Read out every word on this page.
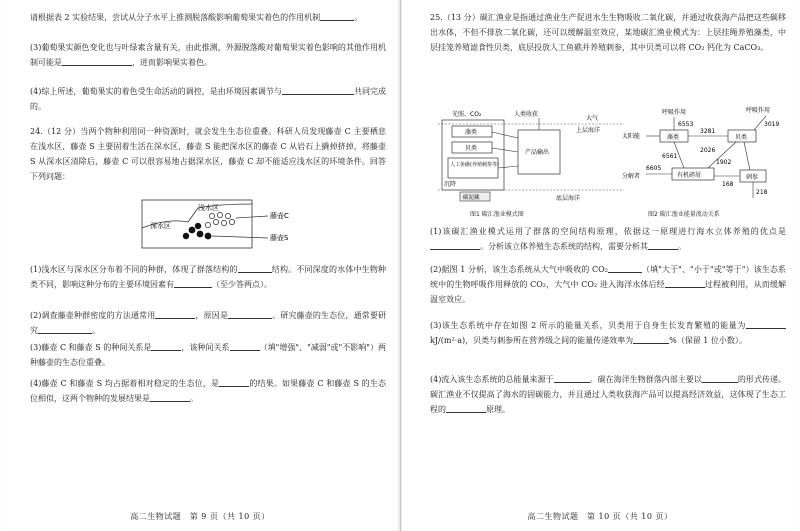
请根据表 2 实验结果，尝试从分子水平上推测脱落酸影响葡萄果实着色的作用机制	。
(3)葡萄果实颜色变化也与叶绿素含量有关，由此推测，外源脱落酸对葡萄果实着色影响的其他作用机制可能是	，进而影响果实着色。
(4)综上所述，葡萄果实的着色受生命活动的调控，是由环境因素调节与	共同完成的。
24.（12 分）当两个物种利用同一种资源时，就会发生生态位重叠。科研人员发现藤壶 C 主要栖息在浅水区，藤壶 S 主要固着生活在深水区，藤壶 S 能把深水区的藤壶 C 从岩石上撬掉挤掉，将藤壶 S 从深水区清除后，藤壶 C 可以很容易地占据深水区，藤壶 C 却不能适应浅水区的环境条件。回答下列问题：
浅水区
深水区
藤壶C
藤壶S
(1)浅水区与深水区分布着不同的种群，体现了群落结构的	结构。不同深度的水体中生物种类不同，影响这种分布的主要环境因素有	（至少答两点）。
(2)调查藤壶种群密度的方法通常用	，原因是	。研究藤壶的生态位，通常要研究	。
(3)藤壶 C 和藤壶 S 的种间关系是	，该种间关系	（填"增强"、"减弱"或"不影响"）两种藤壶的生态位重叠。
(4)藤壶 C 和藤壶 S 均占据着相对稳定的生态位，是	的结果。如果藤壶 C 和藤壶 S 的生态位相似，这两个物种的发展结果是	。
高二生物试题　第 9 页（共 10 页）
25.（13 分）碳汇渔业是指通过渔业生产促进水生生物吸收二氧化碳，并通过收获海产品把这些碳移出水体，不但不排放二氧化碳，还可以缓解温室效应，某地碳汇渔业模式为：上层挂绳养殖藻类，中层挂笼养殖滤食性贝类，底层投放人工鱼礁并养殖刺参，其中贝类可以将 CO₂ 钙化为 CaCO₃。
光照、CO₂	人类收获
大气
上层海洋
藻类
贝类
人工鱼礁(养殖刺参等)
产品输出
沉降
碳泥藏	底层海洋
图1 碳汇渔业模式图
太阳能	藻类
呼吸作用
6553
贝类
3281
呼吸作用
3019
有机碎屑
6561
2026
1902
刺参
168
分解者
6605
218
图2 碳汇渔业能量流动关系
(1)该碳汇渔业模式运用了群落的空间结构原理，依据这一原理进行海水立体养殖的优点是。分析该立体养殖生态系统的结构，需要分析其	。
(2)据图 1 分析，该生态系统从大气中吸收的 CO₂	（填"大于"、"小于"或"等于"）该生态系统中的生物呼吸作用释放的 CO₂，大气中 CO₂ 进入海洋水体后经	过程被利用，从而缓解温室效应。
(3)该生态系统中存在如图 2 所示的能量关系，贝类用于自身生长发育繁殖的能量为kJ/(m²·a)，贝类与刺参所在营养级之间的能量传递效率为	%（保留 1 位小数）。
(4)流入该生态系统的总能量来源于	。碳在海洋生物群落内部主要以	的形式传递。碳汇渔业不仅提高了海水的固碳能力，并且通过人类收获海产品可以提高经济效益，这体现了生态工程的	原理。
高二生物试题　第 10 页（共 10 页）
